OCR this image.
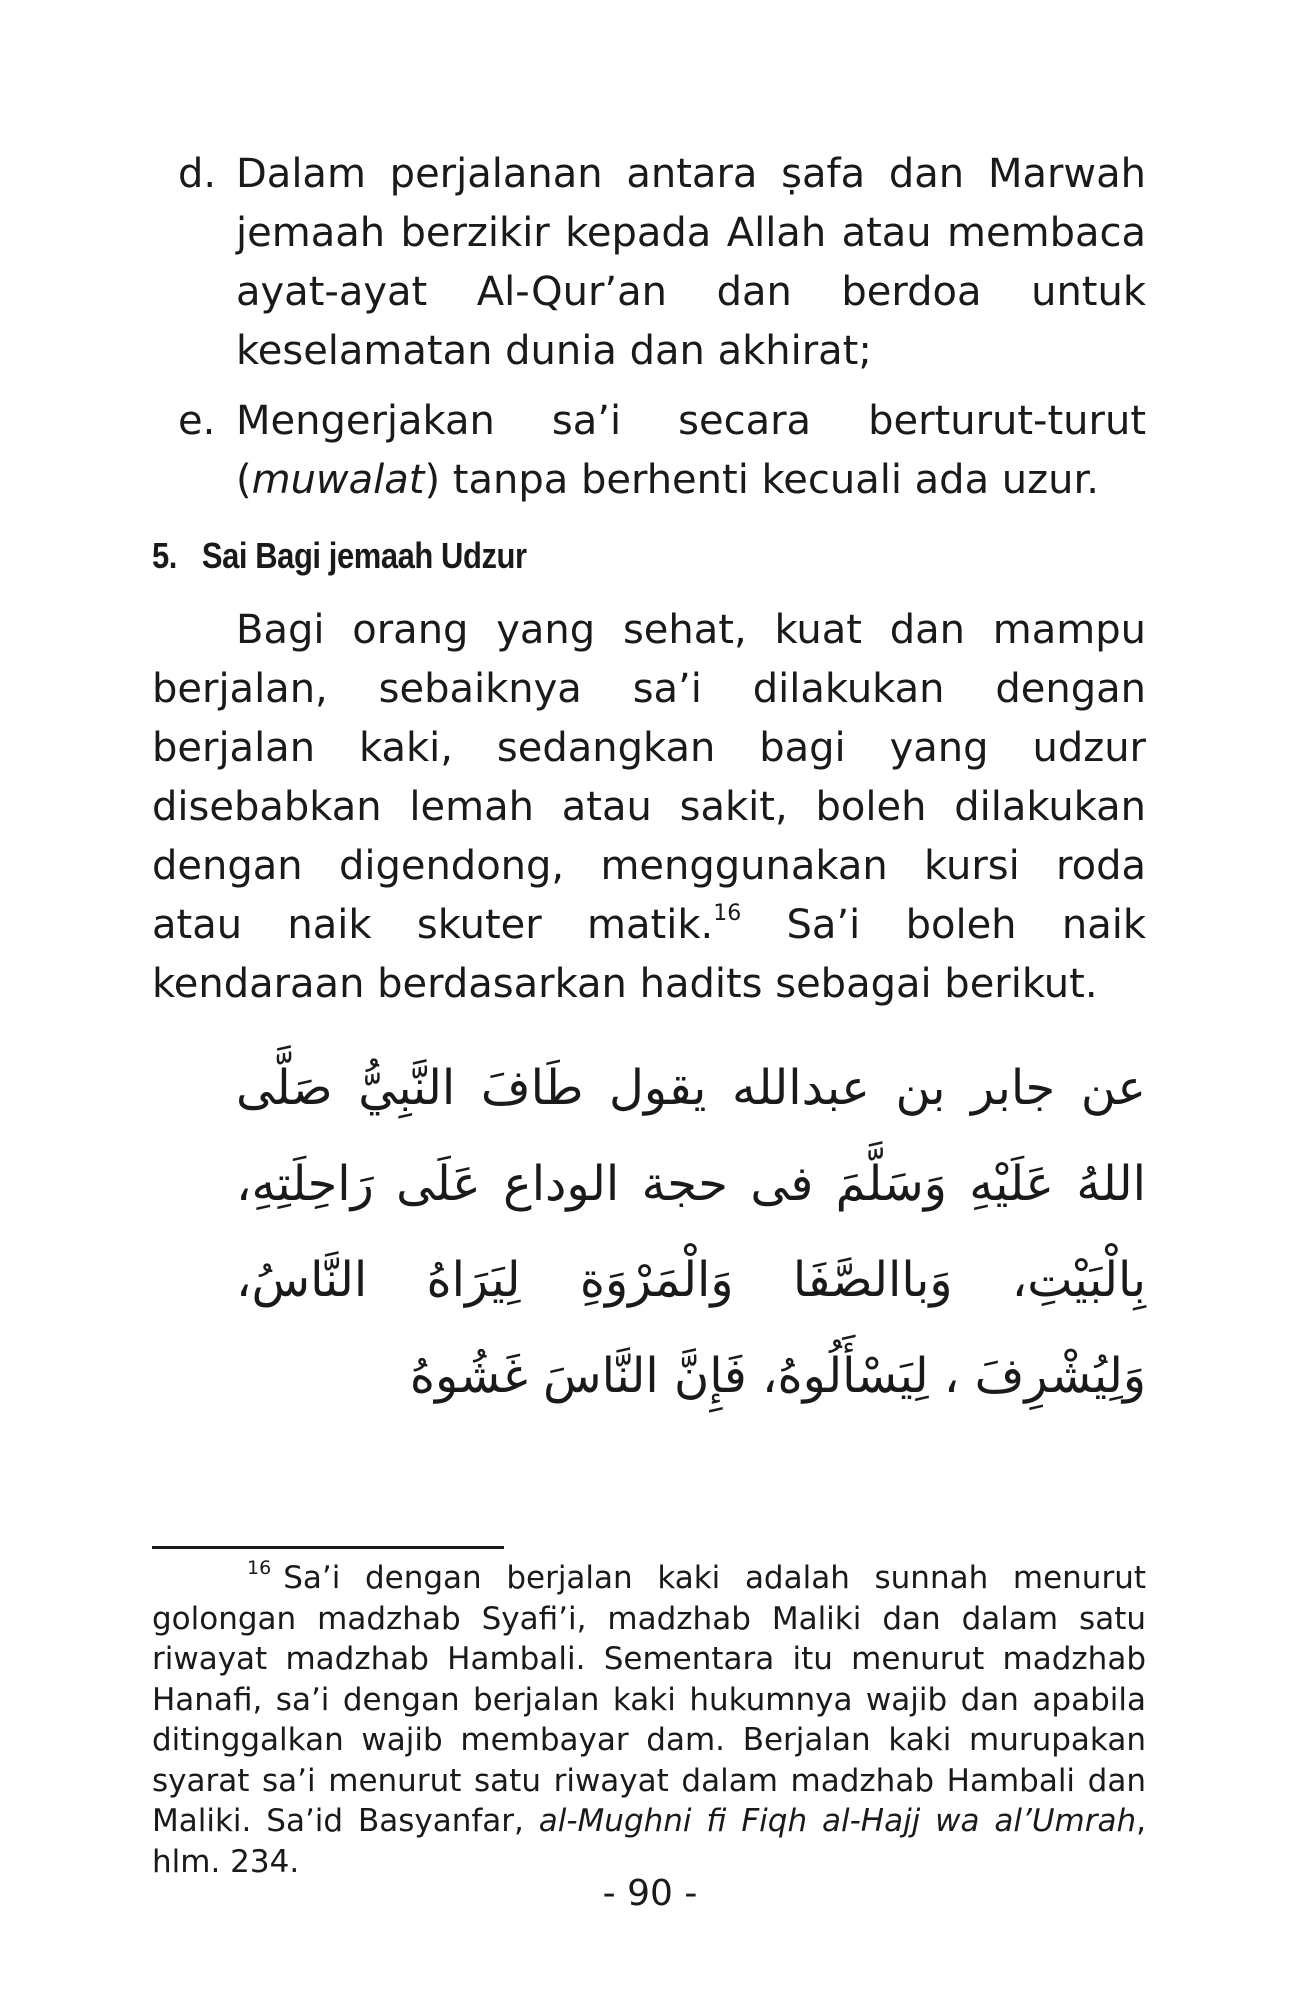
d. Dalam perjalanan antara ṣafa dan Marwah jemaah berzikir kepada Allah atau membaca ayat-ayat Al-Qur’an dan berdoa untuk keselamatan dunia dan akhirat;
e. Mengerjakan sa’i secara berturut-turut (muwalat) tanpa berhenti kecuali ada uzur.
5. Sai Bagi jemaah Udzur
Bagi orang yang sehat, kuat dan mampu berjalan, sebaiknya sa’i dilakukan dengan berjalan kaki, sedangkan bagi yang udzur disebabkan lemah atau sakit, boleh dilakukan dengan digendong, menggunakan kursi roda atau naik skuter matik.$^{16}$ Sa’i boleh naik kendaraan berdasarkan hadits sebagai berikut.
عن جابر بن عبدالله يقول طَافَ النَّبِيُّ صَلَّى اللهُ عَلَيْهِ وَسَلَّمَ فى حجة الوداع عَلَى رَاحِلَتِهِ، بِالْبَيْتِ، وَباالصَّفَا وَالْمَرْوَةِ لِيَرَاهُ النَّاسُ، وَلِيُشْرِفَ ، لِيَسْأَلُوهُ، فَإِنَّ النَّاسَ غَشُوهُ
$^{16}$ Sa’i dengan berjalan kaki adalah sunnah menurut golongan madzhab Syafi’i, madzhab Maliki dan dalam satu riwayat madzhab Hambali. Sementara itu menurut madzhab Hanafi, sa’i dengan berjalan kaki hukumnya wajib dan apabila ditinggalkan wajib membayar dam. Berjalan kaki murupakan syarat sa’i menurut satu riwayat dalam madzhab Hambali dan Maliki. Sa’id Basyanfar, al-Mughni fi Fiqh al-Hajj wa al’Umrah, hlm. 234.
- 90 -
